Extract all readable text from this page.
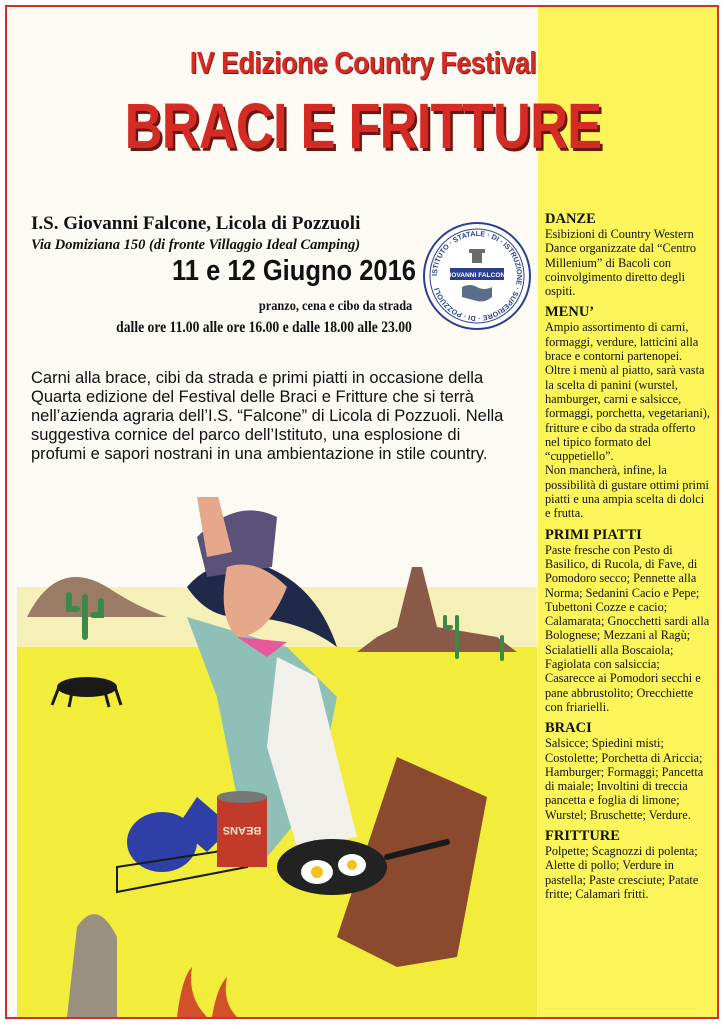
IV Edizione Country Festival
BRACI E FRITTURE
I.S. Giovanni Falcone, Licola di Pozzuoli
Via Domiziana 150 (di fronte Villaggio Ideal Camping)
11 e 12 Giugno 2016
pranzo, cena e cibo da strada
dalle ore 11.00 alle ore 16.00 e dalle 18.00 alle 23.00
ISTITUTO · STATALE · DI · ISTRUZIONE · SUPERIORE · DI · POZZUOLI
GIOVANNI FALCONE
Carni alla brace, cibi da strada e primi piatti in occasione della Quarta edizione del Festival delle Braci e Fritture che si terrà nell’azienda agraria dell’I.S. “Falcone” di Licola di Pozzuoli. Nella suggestiva cornice del parco dell’Istituto, una esplosione di profumi e sapori nostrani in una ambientazione in stile country.
BEANS
DANZE
Esibizioni di Country Western Dance organizzate dal “Centro Millenium” di Bacoli con coinvolgimento diretto degli ospiti.
MENU’
Ampio assortimento di carni, formaggi, verdure, latticini alla brace e contorni partenopei.
Oltre i menù al piatto, sarà vasta la scelta di panini (wurstel, hamburger, carni e salsicce, formaggi, porchetta, vegetariani), fritture e cibo da strada offerto nel tipico formato del “cuppetiello”.
Non mancherà, infine, la possibilità di gustare ottimi primi piatti e una ampia scelta di dolci e frutta.
PRIMI PIATTI
Paste fresche con Pesto di Basilico, di Rucola, di Fave, di Pomodoro secco; Pennette alla Norma; Sedanini Cacio e Pepe; Tubettoni Cozze e cacio; Calamarata; Gnocchetti sardi alla Bolognese; Mezzani al Ragù; Scialatielli alla Boscaiola; Fagiolata con salsiccia; Casarecce ai Pomodori secchi e pane abbrustolito; Orecchiette con friarielli.
BRACI
Salsicce; Spiedini misti; Costolette; Porchetta di Ariccia; Hamburger; Formaggi; Pancetta di maiale; Involtini di treccia pancetta e foglia di limone; Wurstel; Bruschette; Verdure.
FRITTURE
Polpette; Scagnozzi di polenta; Alette di pollo; Verdure in pastella; Paste cresciute; Patate fritte; Calamari fritti.
